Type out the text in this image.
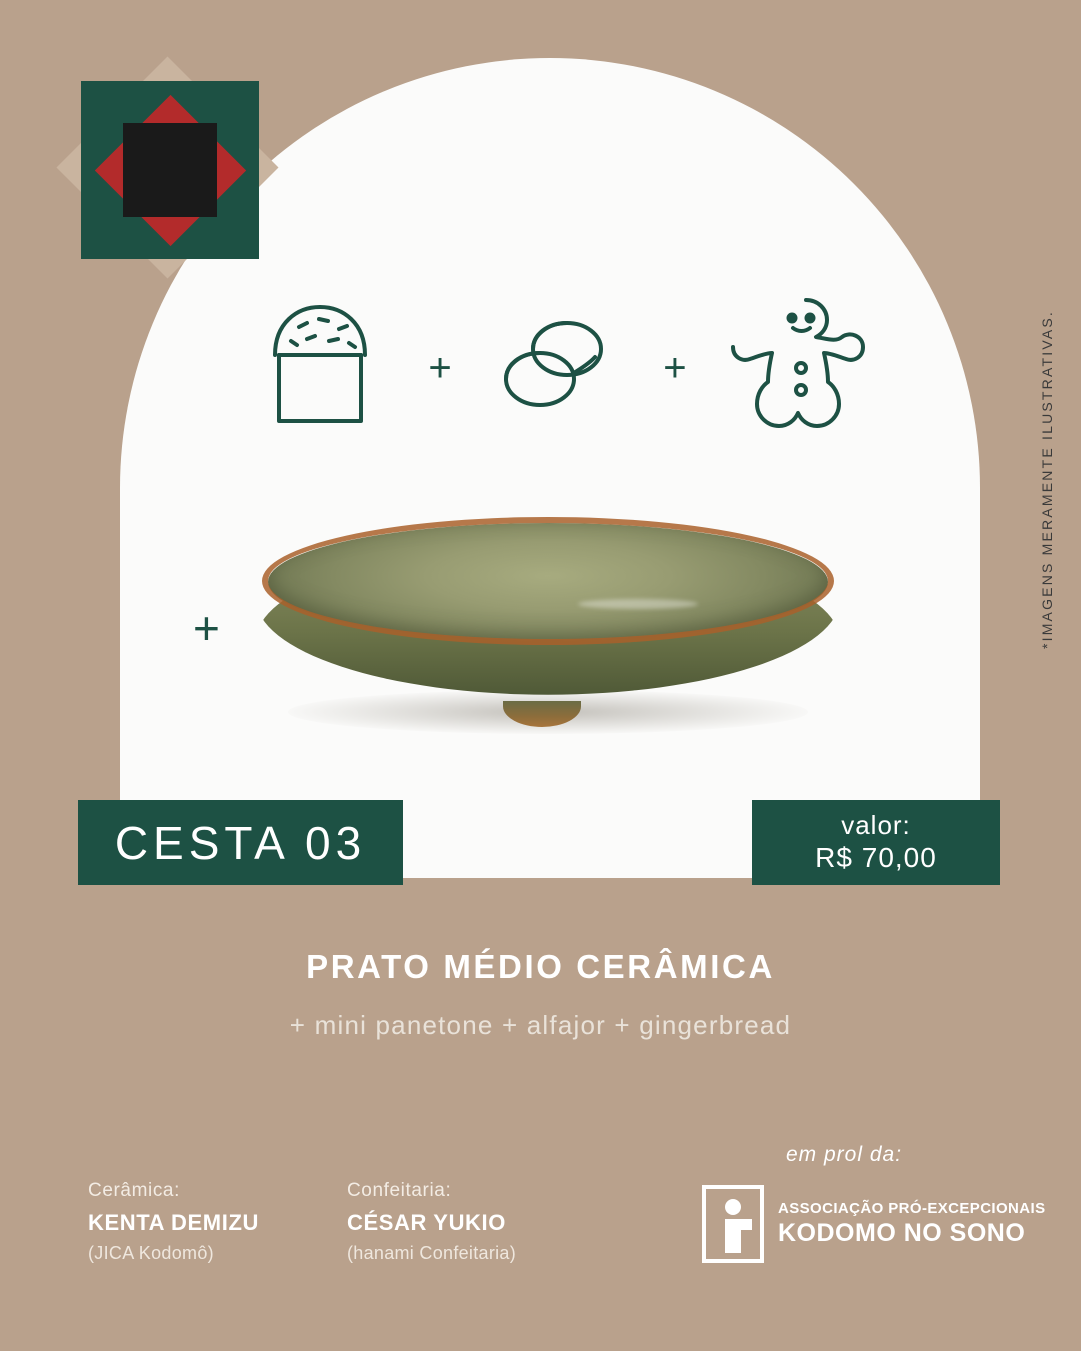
+	+
+	*IMAGENS MERAMENTE ILUSTRATIVAS.
CESTA 03	valor:
R$ 70,00
PRATO MÉDIO CERÂMICA
+ mini panetone + alfajor + gingerbread
Cerâmica:
KENTA DEMIZU
(JICA Kodomô)
Confeitaria:
CÉSAR YUKIO
(hanami Confeitaria)
em prol da:
ASSOCIAÇÃO PRÓ-EXCEPCIONAIS
KODOMO NO SONO
